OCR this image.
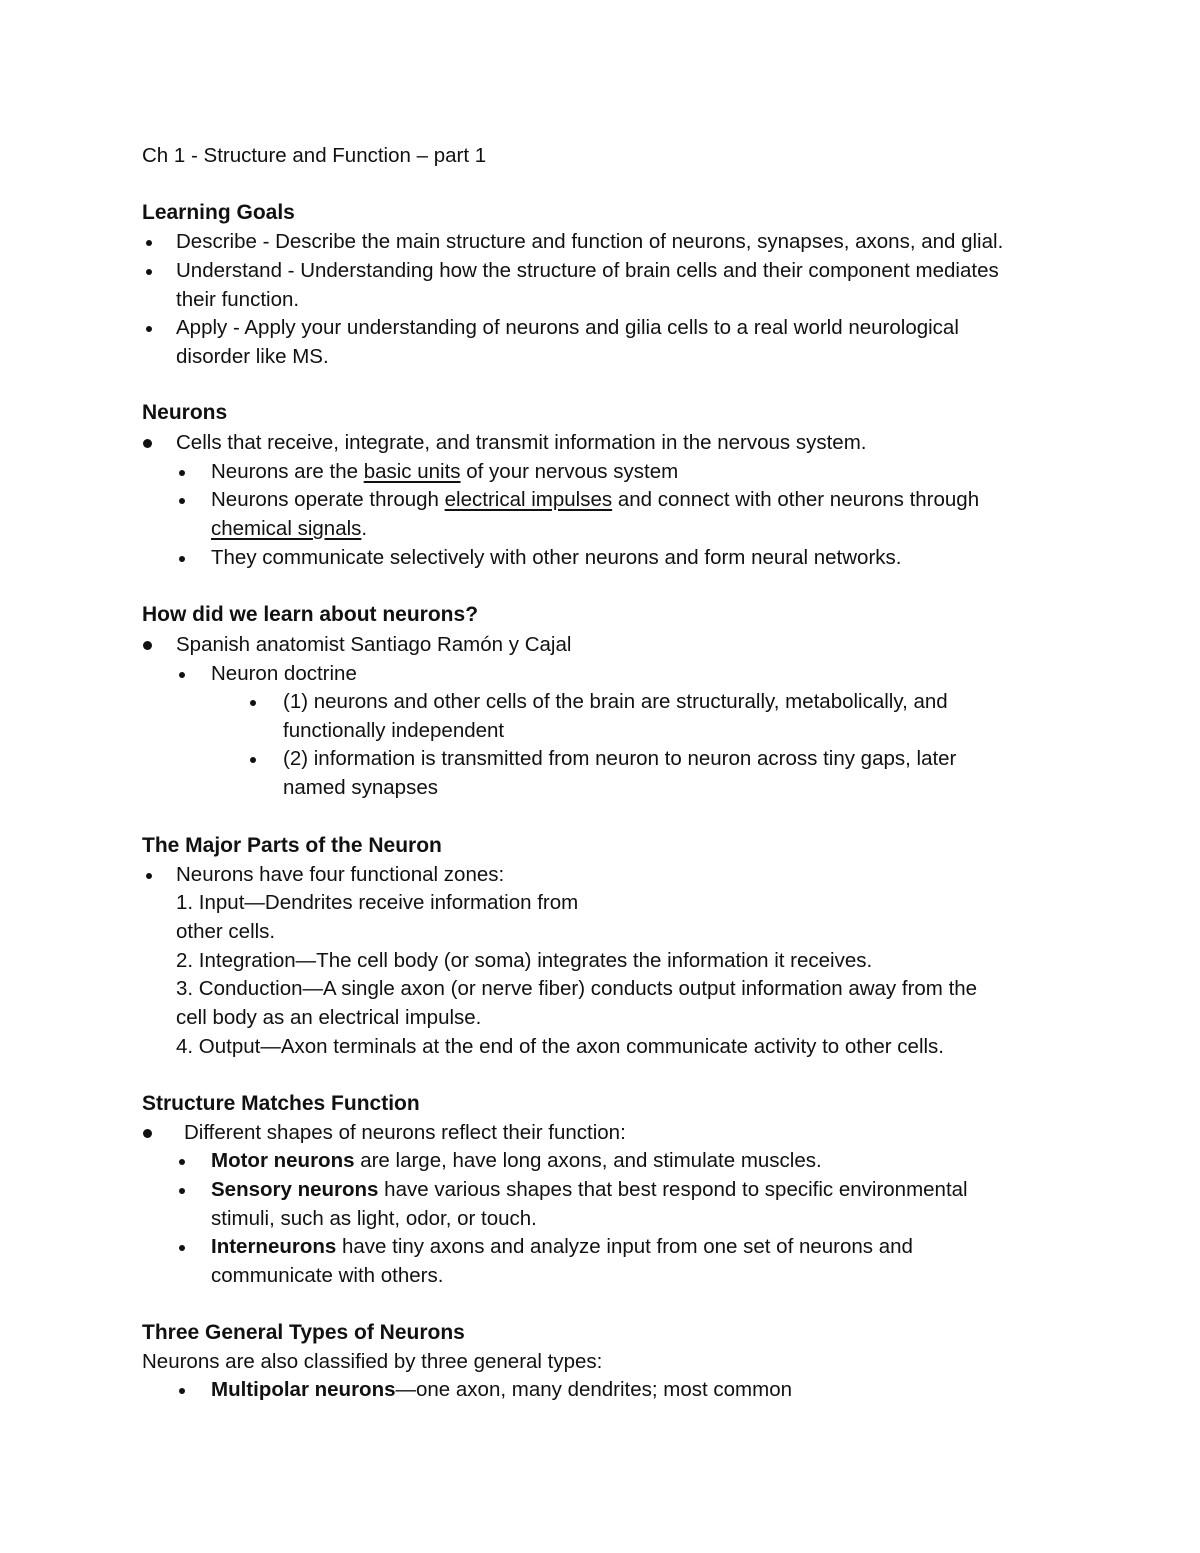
Ch 1 - Structure and Function – part 1
Learning Goals
Describe - Describe the main structure and function of neurons, synapses, axons, and glial.
Understand - Understanding how the structure of brain cells and their component mediates
their function.
Apply - Apply your understanding of neurons and gilia cells to a real world neurological
disorder like MS.
Neurons
Cells that receive, integrate, and transmit information in the nervous system.
Neurons are the basic units of your nervous system
Neurons operate through electrical impulses and connect with other neurons through
chemical signals.
They communicate selectively with other neurons and form neural networks.
How did we learn about neurons?
Spanish anatomist Santiago Ramón y Cajal
Neuron doctrine
(1) neurons and other cells of the brain are structurally, metabolically, and
functionally independent
(2) information is transmitted from neuron to neuron across tiny gaps, later
named synapses
The Major Parts of the Neuron
Neurons have four functional zones:
1. Input—Dendrites receive information from
other cells.
2. Integration—The cell body (or soma) integrates the information it receives.
3. Conduction—A single axon (or nerve fiber) conducts output information away from the
cell body as an electrical impulse.
4. Output—Axon terminals at the end of the axon communicate activity to other cells.
Structure Matches Function
Different shapes of neurons reflect their function:
Motor neurons are large, have long axons, and stimulate muscles.
Sensory neurons have various shapes that best respond to specific environmental
stimuli, such as light, odor, or touch.
Interneurons have tiny axons and analyze input from one set of neurons and
communicate with others.
Three General Types of Neurons
Neurons are also classified by three general types:
Multipolar neurons—one axon, many dendrites; most common
